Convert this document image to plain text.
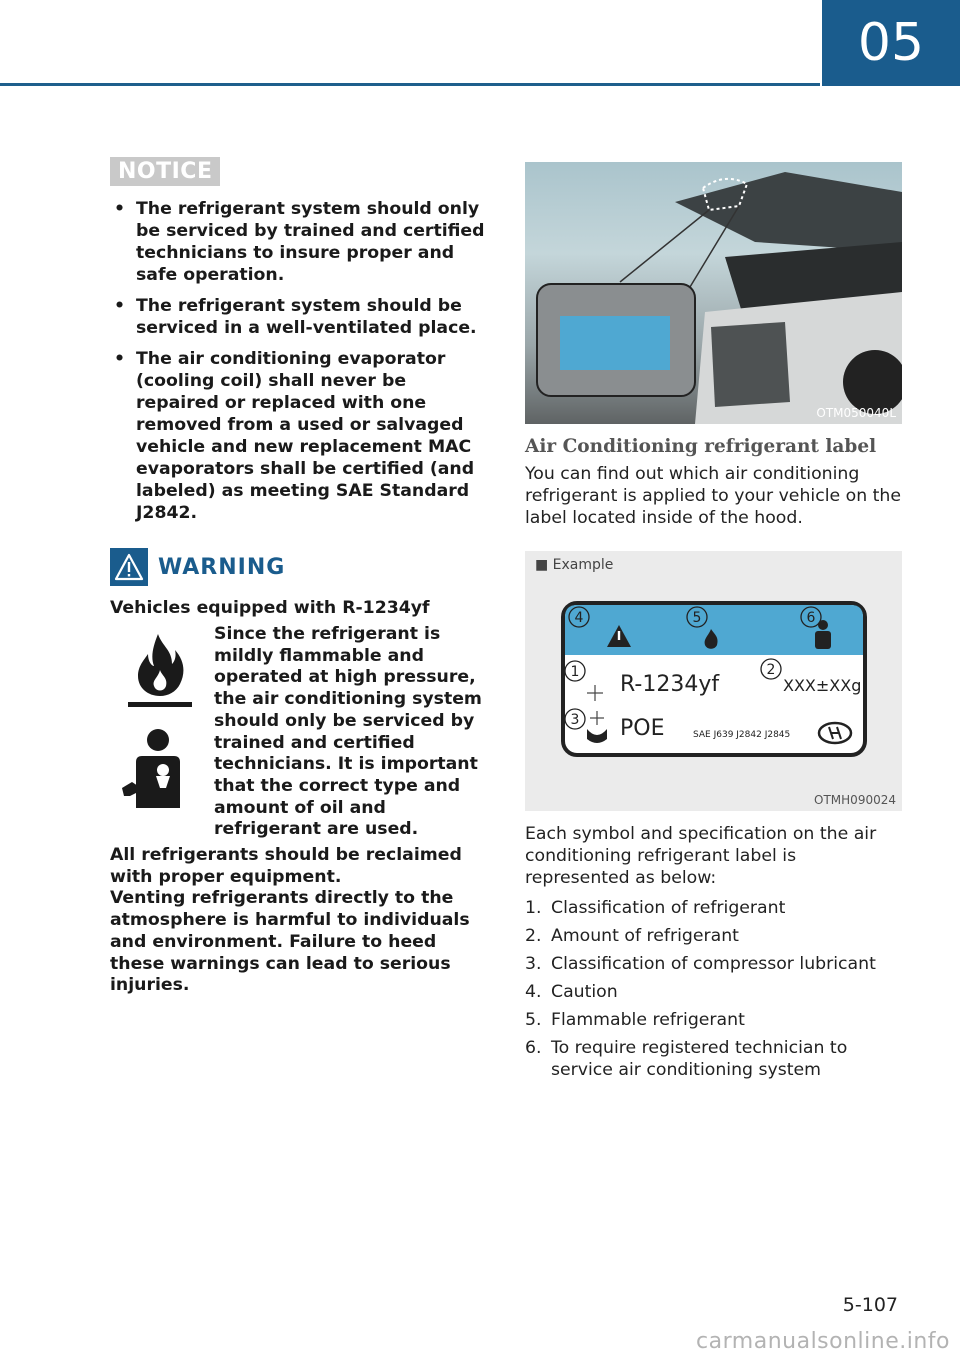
05
NOTICE
• The refrigerant system should only be serviced by trained and certified technicians to insure proper and safe operation.
• The refrigerant system should be serviced in a well-ventilated place.
• The air conditioning evaporator (cooling coil) shall never be repaired or replaced with one removed from a used or salvaged vehicle and new replacement MAC evaporators shall be certified (and labeled) as meeting SAE Standard J2842.
WARNING
Vehicles equipped with R-1234yf
Since the refrigerant is mildly flammable and operated at high pressure, the air conditioning system should only be serviced by trained and certified technicians. It is important that the correct type and amount of oil and refrigerant are used.
All refrigerants should be reclaimed with proper equipment.
Venting refrigerants directly to the atmosphere is harmful to individuals and environment. Failure to heed these warnings can lead to serious injuries.
OTM050040L
Air Conditioning refrigerant label
You can find out which air conditioning refrigerant is applied to your vehicle on the label located inside of the hood.
■ Example
4	5	6
1	2
3
R-1234yf	XXX±XXg
POE	SAE J639 J2842 J2845
OTMH090024
Each symbol and specification on the air conditioning refrigerant label is represented as below:
1. Classification of refrigerant
2. Amount of refrigerant
3. Classification of compressor lubricant
4. Caution
5. Flammable refrigerant
6. To require registered technician to service air conditioning system
5-107
carmanualsonline.info
